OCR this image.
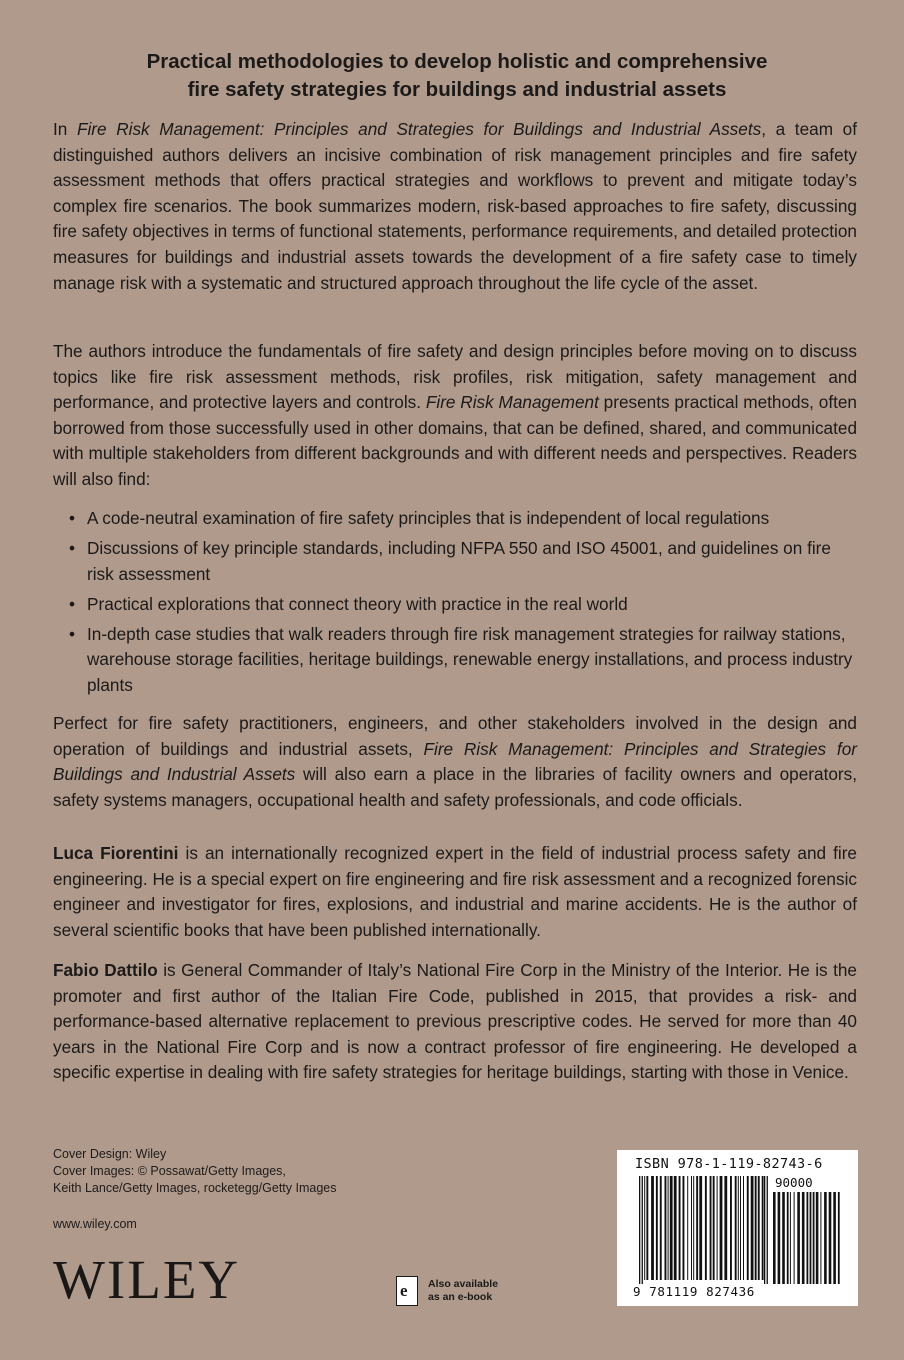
Practical methodologies to develop holistic and comprehensive
fire safety strategies for buildings and industrial assets

In Fire Risk Management: Principles and Strategies for Buildings and Industrial Assets, a team of distinguished authors delivers an incisive combination of risk management principles and fire safety assessment methods that offers practical strategies and workflows to prevent and mitigate today’s complex fire scenarios. The book summarizes modern, risk-based approaches to fire safety, discussing fire safety objectives in terms of functional statements, performance requirements, and detailed protection measures for buildings and industrial assets towards the development of a fire safety case to timely manage risk with a systematic and structured approach throughout the life cycle of the asset.

The authors introduce the fundamentals of fire safety and design principles before moving on to discuss topics like fire risk assessment methods, risk profiles, risk mitigation, safety management and performance, and protective layers and controls. Fire Risk Management presents practical methods, often borrowed from those successfully used in other domains, that can be defined, shared, and communicated with multiple stakeholders from different backgrounds and with different needs and perspectives. Readers will also find:

• A code-neutral examination of fire safety principles that is independent of local regulations
• Discussions of key principle standards, including NFPA 550 and ISO 45001, and guidelines on fire risk assessment
• Practical explorations that connect theory with practice in the real world
• In-depth case studies that walk readers through fire risk management strategies for railway stations, warehouse storage facilities, heritage buildings, renewable energy installations, and process industry plants

Perfect for fire safety practitioners, engineers, and other stakeholders involved in the design and operation of buildings and industrial assets, Fire Risk Management: Principles and Strategies for Buildings and Industrial Assets will also earn a place in the libraries of facility owners and operators, safety systems managers, occupational health and safety professionals, and code officials.

Luca Fiorentini is an internationally recognized expert in the field of industrial process safety and fire engineering. He is a special expert on fire engineering and fire risk assessment and a recognized forensic engineer and investigator for fires, explosions, and industrial and marine accidents. He is the author of several scientific books that have been published internationally.

Fabio Dattilo is General Commander of Italy’s National Fire Corp in the Ministry of the Interior. He is the promoter and first author of the Italian Fire Code, published in 2015, that provides a risk- and performance-based alternative replacement to previous prescriptive codes. He served for more than 40 years in the National Fire Corp and is now a contract professor of fire engineering. He developed a specific expertise in dealing with fire safety strategies for heritage buildings, starting with those in Venice.

Cover Design: Wiley
Cover Images: © Possawat/Getty Images,
Keith Lance/Getty Images, rocketegg/Getty Images
www.wiley.com
WILEY	e Also available
as an e-book
ISBN 978-1-119-82743-6
90000
9 781119 827436
